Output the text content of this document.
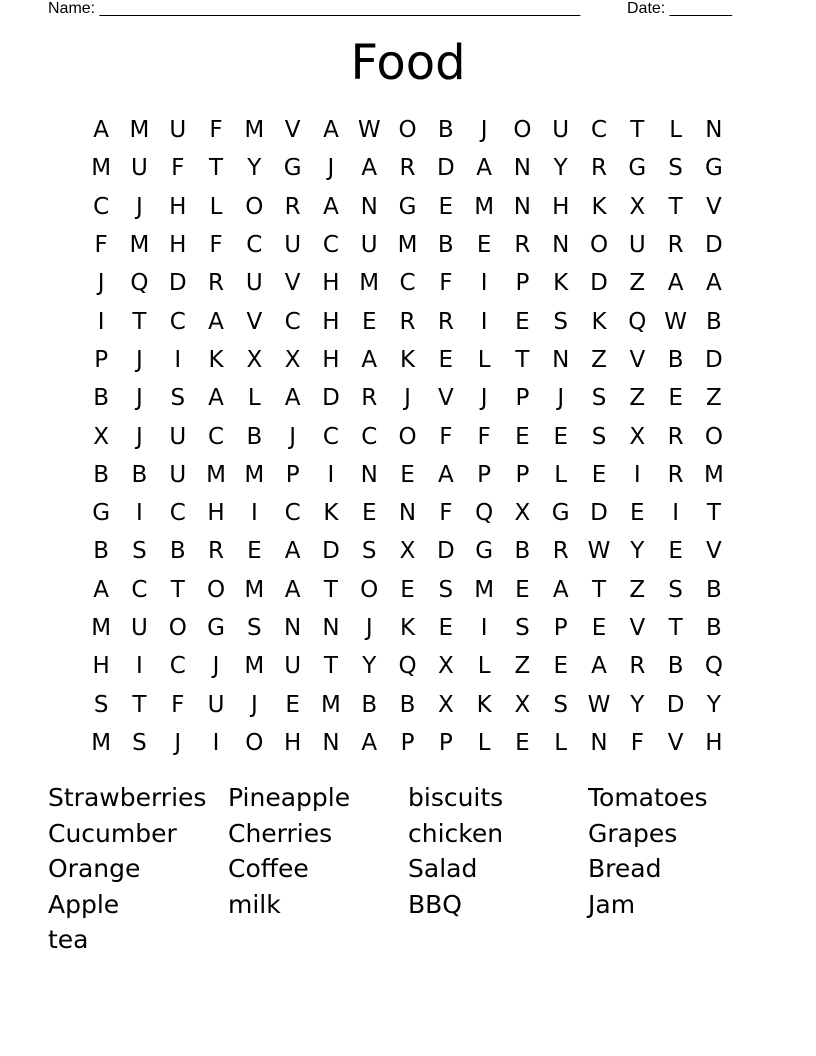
Name: ______________________________________________________	Date: _______
Food
A M U	F M V A W O B	J	O U C	T	L	N
M U	F	T	Y G	J	A R D A N Y	R G S G
C	J	H	L O R A N G E M N H K X	T	V
F M H	F	C U C U M B	E	R N O U R D
J	Q D R U V H M C	F	I	P	K D Z A A
I	T	C A V C H E	R R	I	E	S	K Q W B
P	J	I	K X X H A K	E	L	T N Z V B D
B	J	S	A	L	A D R	J	V	J	P	J	S	Z	E	Z
X	J	U C B	J	C C O F	F	E	E	S	X R O
B B U M M P	I	N E	A	P	P	L	E	I	R M
G	I	C H	I	C K	E N	F Q X G D E	I	T
B	S	B R	E	A D S	X D G B R W Y	E	V
A C	T O M A	T O E	S M E	A	T	Z	S	B
M U O G S N N	J	K	E	I	S	P	E	V	T	B
H	I	C	J	M U T	Y Q X	L	Z	E	A R B Q
S	T	F	U	J	E M B B X K X	S W Y D Y
M S	J	I	O H N A	P	P	L	E	L	N	F	V H
Strawberries Pineapple	biscuits	Tomatoes
Cucumber	Cherries	chicken	Grapes
Orange	Coffee	Salad	Bread
Apple	milk	BBQ	Jam
tea
